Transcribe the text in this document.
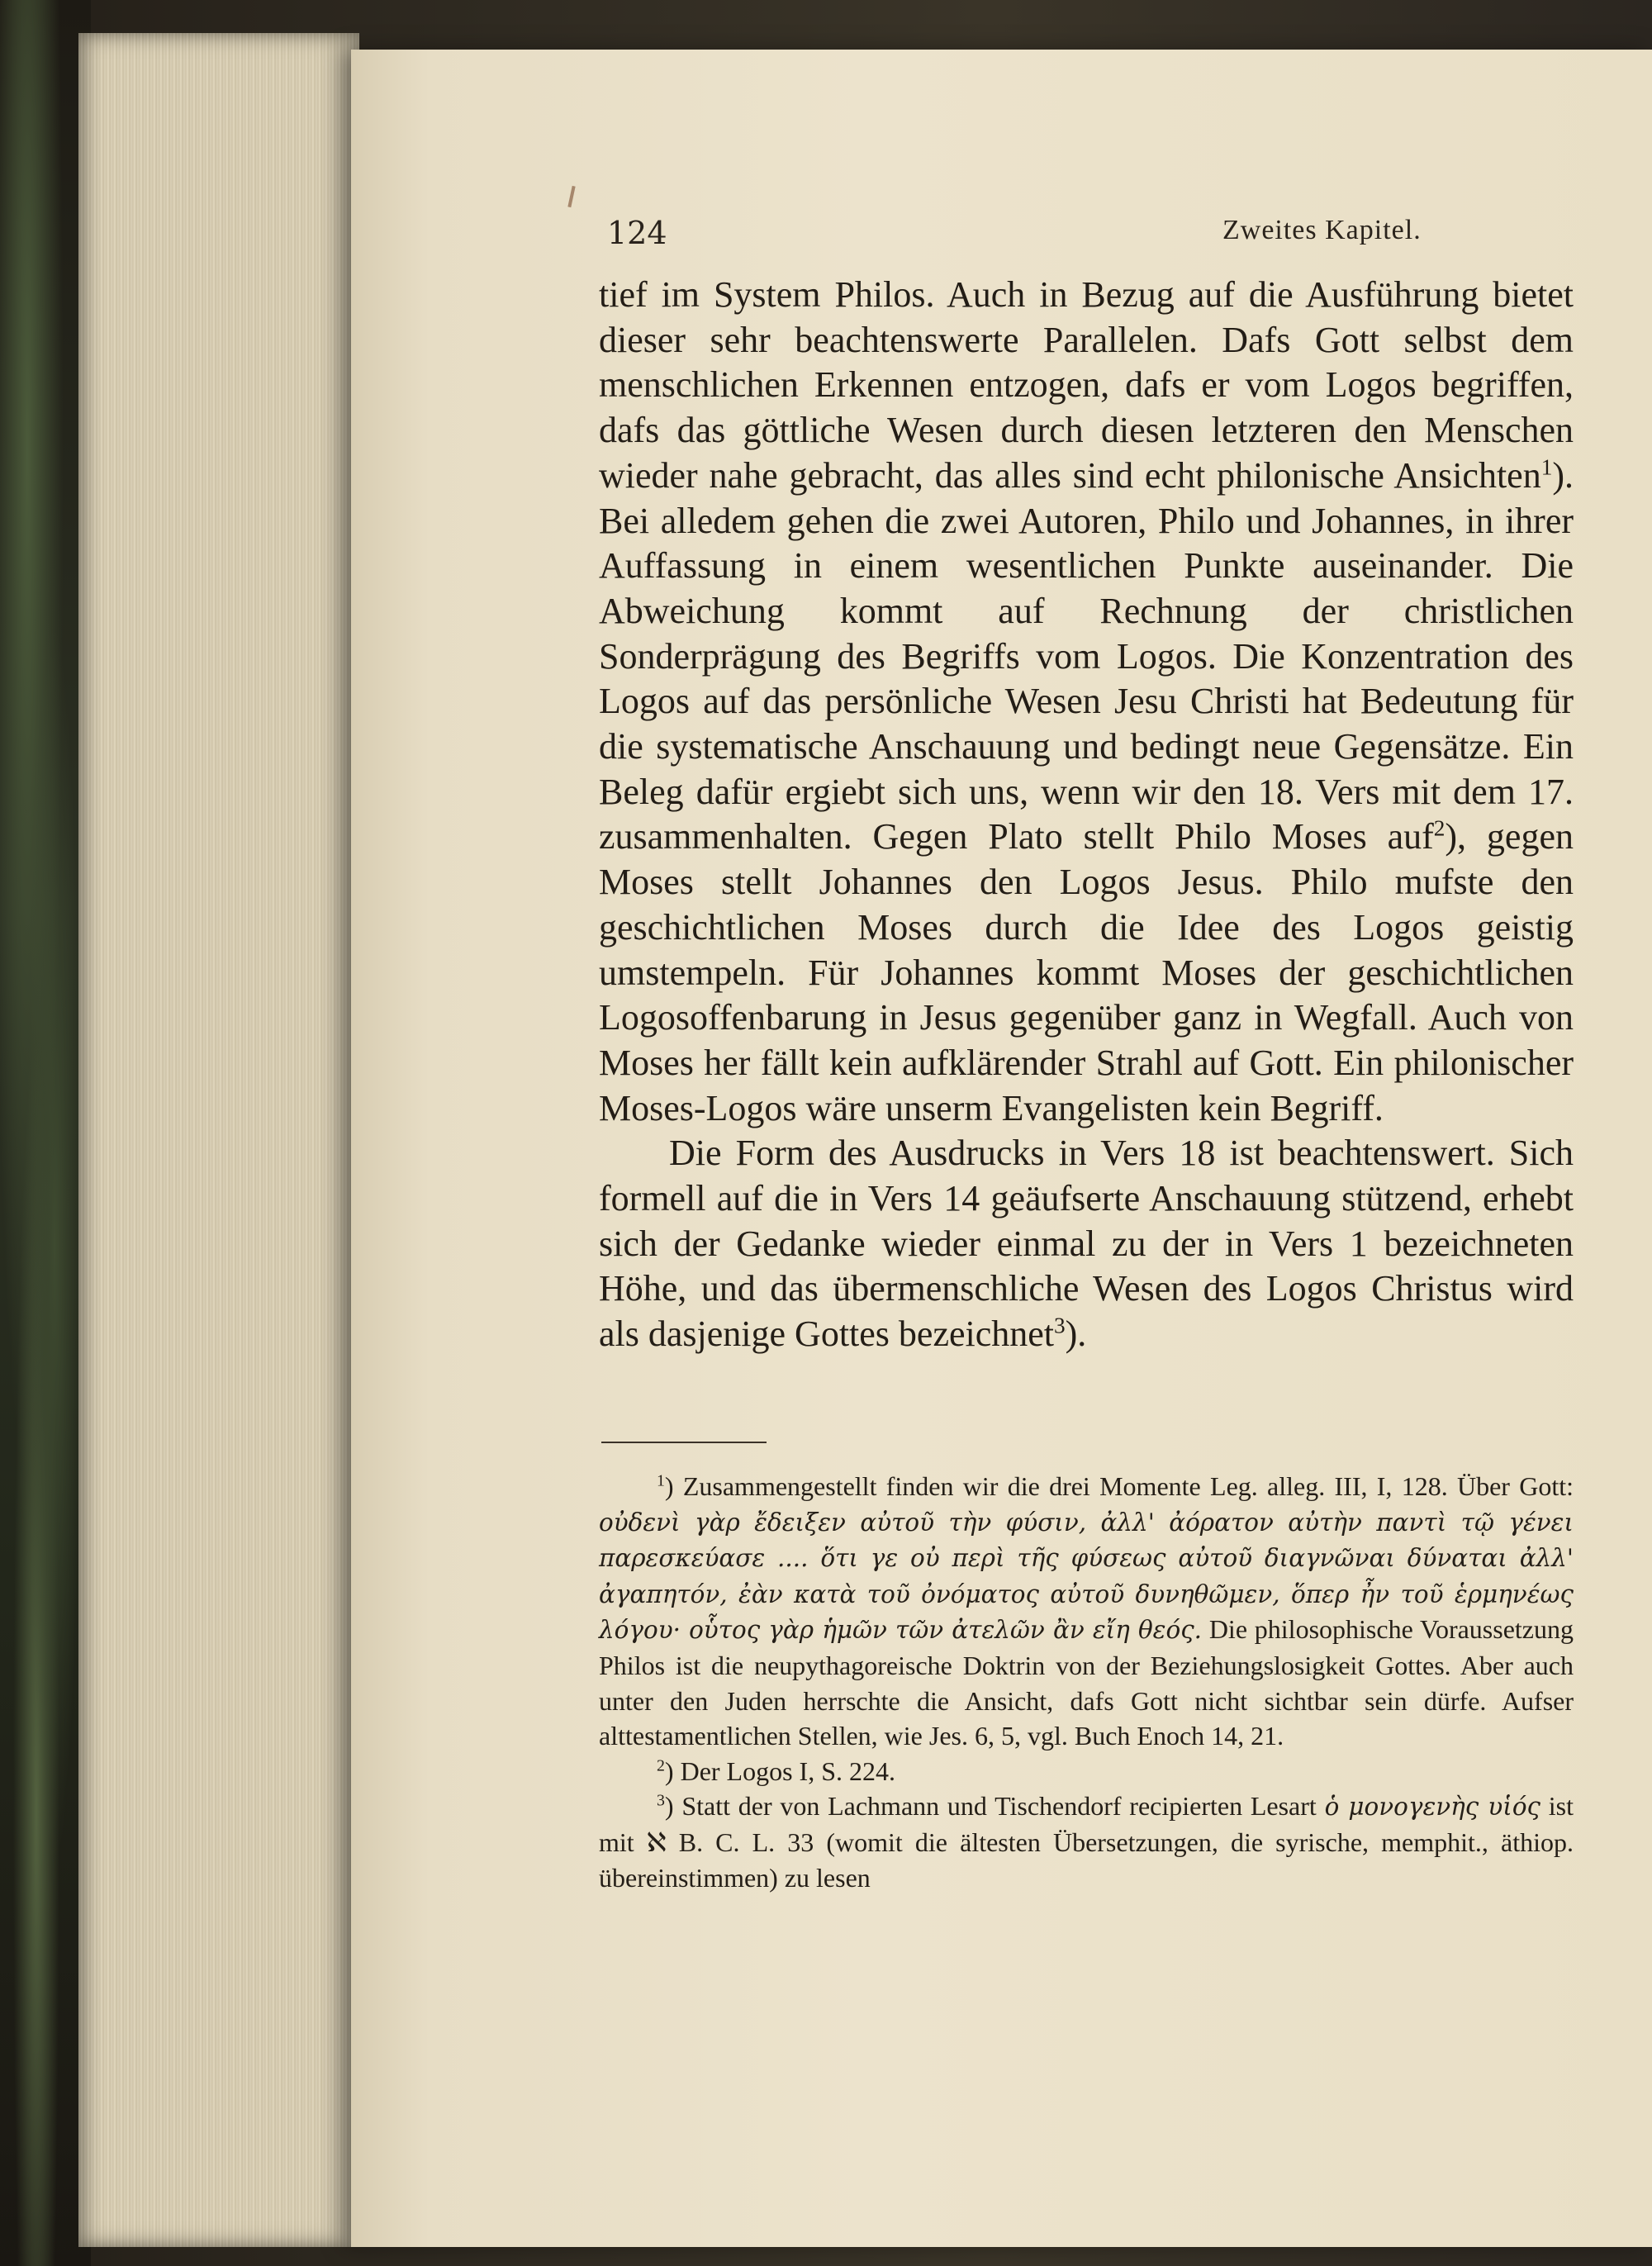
124	Zweites Kapitel.

tief im System Philos. Auch in Bezug auf die Ausführung bietet dieser sehr beachtenswerte Parallelen. Dafs Gott selbst dem menschlichen Erkennen entzogen, dafs er vom Logos begriffen, dafs das göttliche Wesen durch diesen letzteren den Menschen wieder nahe gebracht, das alles sind echt philonische Ansichten$^1$). Bei alledem gehen die zwei Autoren, Philo und Johannes, in ihrer Auffassung in einem wesentlichen Punkte auseinander. Die Abweichung kommt auf Rechnung der christlichen Sonderprägung des Begriffs vom Logos. Die Konzentration des Logos auf das persönliche Wesen Jesu Christi hat Bedeutung für die systematische Anschauung und bedingt neue Gegensätze. Ein Beleg dafür ergiebt sich uns, wenn wir den 18. Vers mit dem 17. zusammenhalten. Gegen Plato stellt Philo Moses auf$^2$), gegen Moses stellt Johannes den Logos Jesus. Philo mufste den geschichtlichen Moses durch die Idee des Logos geistig umstempeln. Für Johannes kommt Moses der geschichtlichen Logosoffenbarung in Jesus gegenüber ganz in Wegfall. Auch von Moses her fällt kein aufklärender Strahl auf Gott. Ein philonischer Moses-Logos wäre unserm Evangelisten kein Begriff.

Die Form des Ausdrucks in Vers 18 ist beachtenswert. Sich formell auf die in Vers 14 geäufserte Anschauung stützend, erhebt sich der Gedanke wieder einmal zu der in Vers 1 bezeichneten Höhe, und das übermenschliche Wesen des Logos Christus wird als dasjenige Gottes bezeichnet$^3$).

$^1$) Zusammengestellt finden wir die drei Momente Leg. alleg. III, I, 128. Über Gott: οὐδενὶ γὰρ ἔδειξεν αὐτοῦ τὴν φύσιν, ἀλλ' ἀόρατον αὐτὴν παντὶ τῷ γένει παρεσκεύασε .... ὅτι γε οὐ περὶ τῆς φύσεως αὐτοῦ διαγνῶναι δύναται ἀλλ' ἀγαπητόν, ἐὰν κατὰ τοῦ ὀνόματος αὐτοῦ δυνηθῶμεν, ὅπερ ἦν τοῦ ἑρμηνέως λόγου· οὗτος γὰρ ἡμῶν τῶν ἀτελῶν ἂν εἴη θεός. Die philosophische Voraussetzung Philos ist die neupythagoreische Doktrin von der Beziehungslosigkeit Gottes. Aber auch unter den Juden herrschte die Ansicht, dafs Gott nicht sichtbar sein dürfe. Aufser alttestamentlichen Stellen, wie Jes. 6, 5, vgl. Buch Enoch 14, 21.

$^2$) Der Logos I, S. 224.

$^3$) Statt der von Lachmann und Tischendorf recipierten Lesart ὁ μονογενὴς υἱός ist mit ℵ B. C. L. 33 (womit die ältesten Übersetzungen, die syrische, memphit., äthiop. übereinstimmen) zu lesen
